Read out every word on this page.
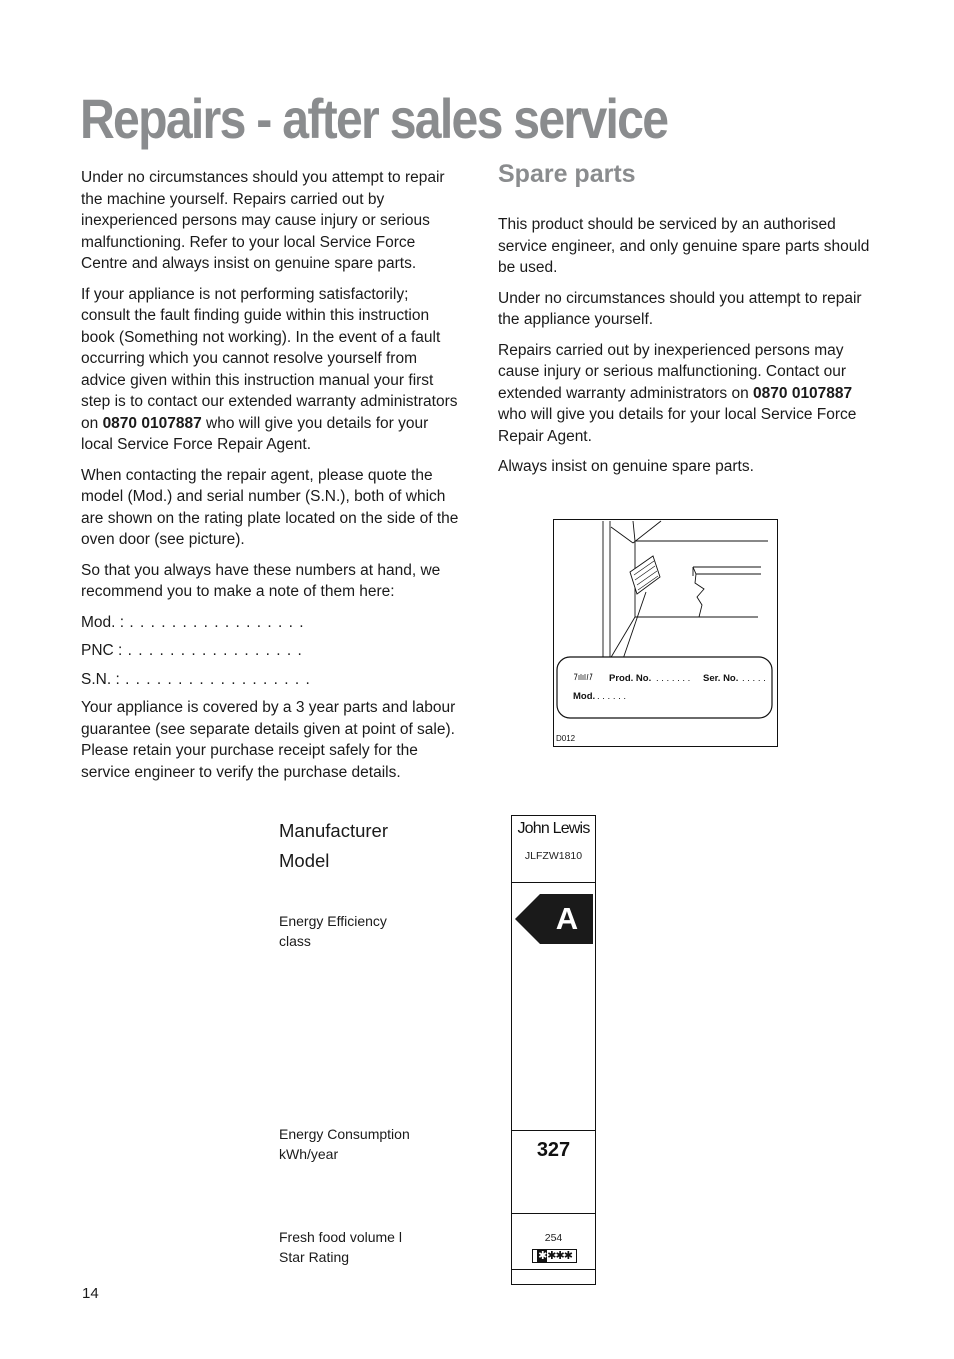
Repairs - after sales service

Under no circumstances should you attempt to repair the machine yourself. Repairs carried out by inexperienced persons may cause injury or serious malfunctioning. Refer to your local Service Force Centre and always insist on genuine spare parts.

If your appliance is not performing satisfactorily; consult the fault finding guide within this instruction book (Something not working). In the event of a fault occurring which you cannot resolve yourself from advice given within this instruction manual your first step is to contact our extended warranty administrators on 0870 0107887 who will give you details for your local Service Force Repair Agent.

When contacting the repair agent, please quote the model (Mod.) and serial number (S.N.), both of which are shown on the rating plate located on the side of the oven door (see picture).

So that you always have these numbers at hand, we recommend you to make a note of them here:

Mod. : . . . . . . . . . . . . . . . . .
PNC : . . . . . . . . . . . . . . . . .
S.N. : . . . . . . . . . . . . . . . . . .

Your appliance is covered by a 3 year parts and labour guarantee (see separate details given at point of sale). Please retain your purchase receipt safely for the service engineer to verify the purchase details.

Spare parts

This product should be serviced by an authorised service engineer, and only genuine spare parts should be used.

Under no circumstances should you attempt to repair the appliance yourself.

Repairs carried out by inexperienced persons may cause injury or serious malfunctioning. Contact our extended warranty administrators on 0870 0107887 who will give you details for your local Service Force Repair Agent.

Always insist on genuine spare parts.

Prod. No. . . . . . . . Ser. No. . . . . .
Mod. . . . . . .
D012
Manufacturer
Model
Energy Efficiency
class
Energy Consumption
kWh/year
Fresh food volume l
Star Rating
John Lewis
JLFZW1810
A
327
254
✱✱✱✱
14
